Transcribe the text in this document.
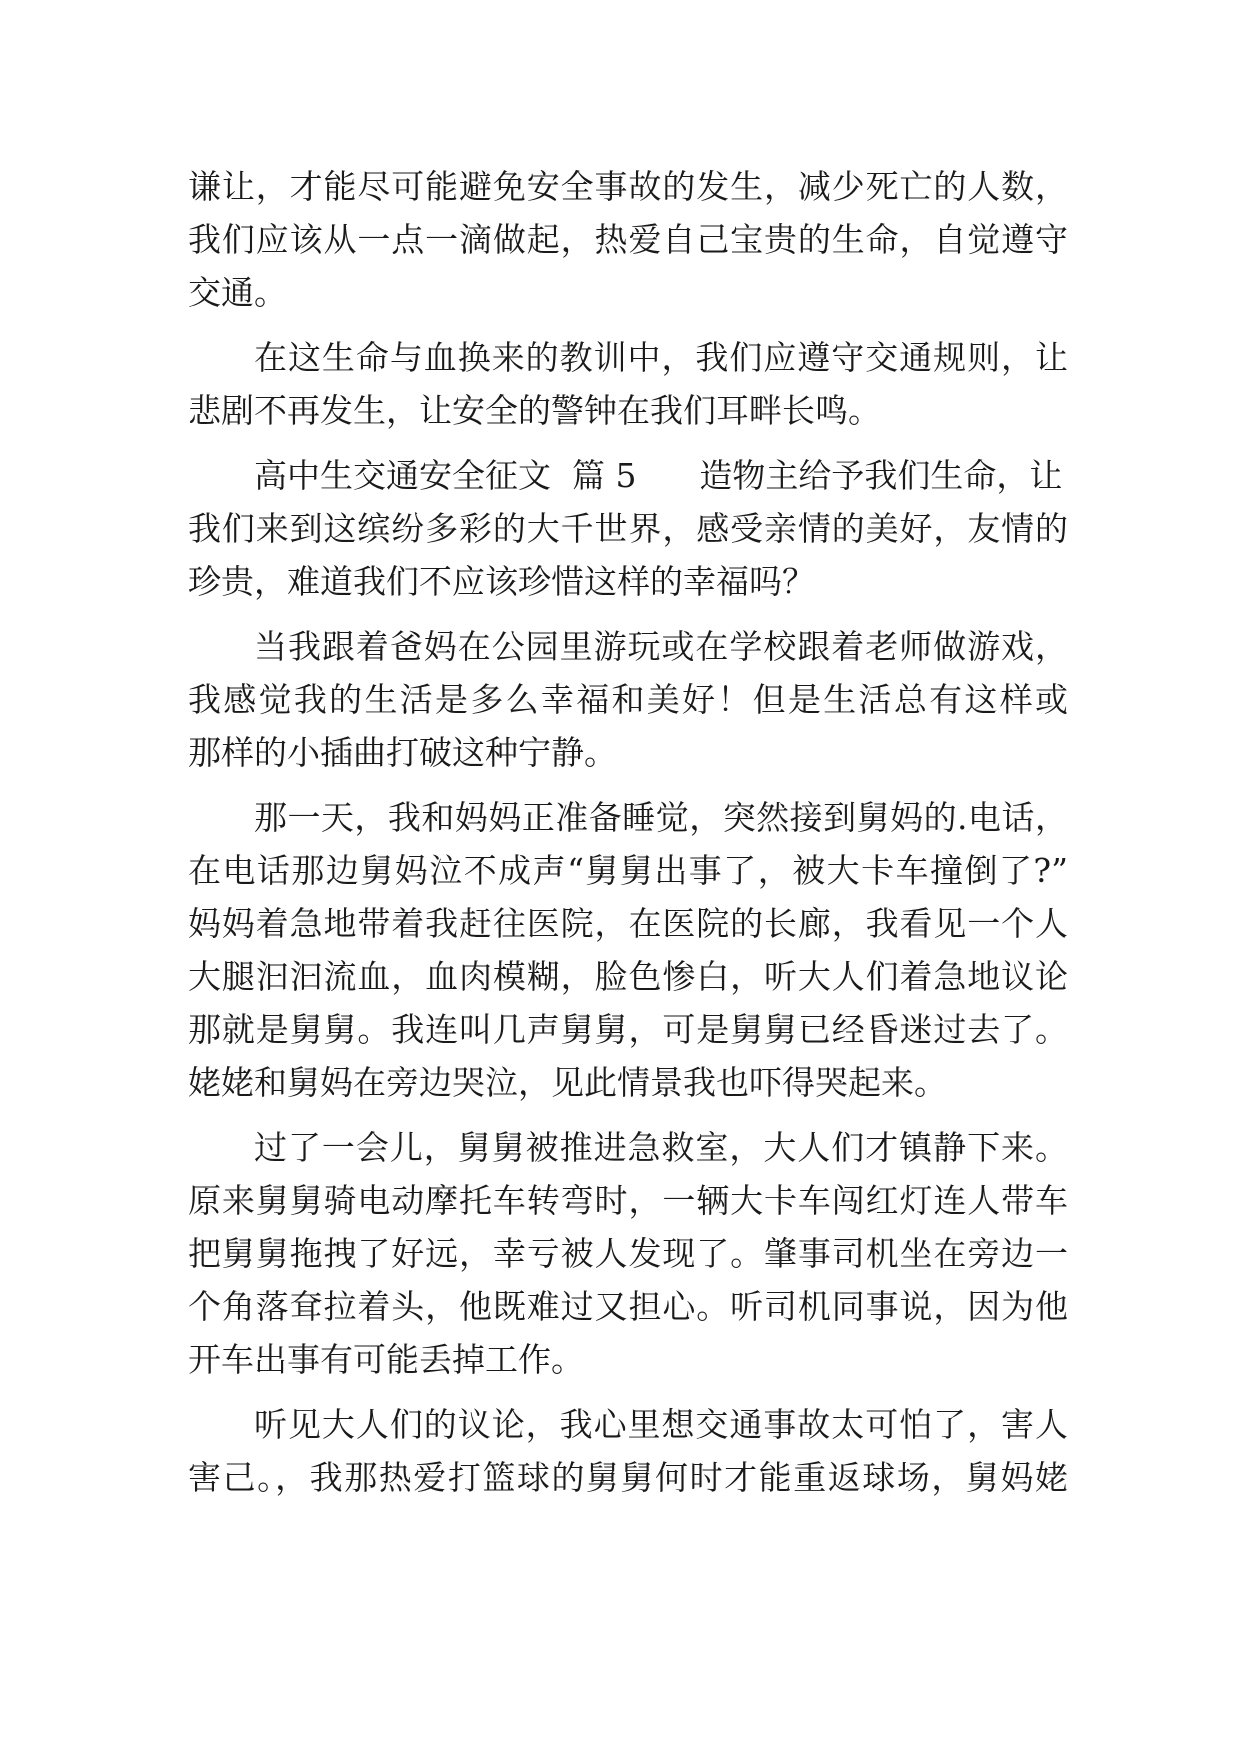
谦让，才能尽可能避免安全事故的发生，减少死亡的人数，
我们应该从一点一滴做起，热爱自己宝贵的生命，自觉遵守
交通。

在这生命与血换来的教训中，我们应遵守交通规则，让
悲剧不再发生，让安全的警钟在我们耳畔长鸣。

高中生交通安全征文  篇 5      造物主给予我们生命，让
我们来到这缤纷多彩的大千世界，感受亲情的美好，友情的
珍贵，难道我们不应该珍惜这样的幸福吗？

当我跟着爸妈在公园里游玩或在学校跟着老师做游戏，
我感觉我的生活是多么幸福和美好！但是生活总有这样或
那样的小插曲打破这种宁静。

那一天，我和妈妈正准备睡觉，突然接到舅妈的.电话，
在电话那边舅妈泣不成声“舅舅出事了，被大卡车撞倒了?”
妈妈着急地带着我赶往医院，在医院的长廊，我看见一个人
大腿汩汩流血，血肉模糊，脸色惨白，听大人们着急地议论
那就是舅舅。我连叫几声舅舅，可是舅舅已经昏迷过去了。
姥姥和舅妈在旁边哭泣，见此情景我也吓得哭起来。

过了一会儿，舅舅被推进急救室，大人们才镇静下来。
原来舅舅骑电动摩托车转弯时，一辆大卡车闯红灯连人带车
把舅舅拖拽了好远，幸亏被人发现了。肇事司机坐在旁边一
个角落耷拉着头，他既难过又担心。听司机同事说，因为他
开车出事有可能丢掉工作。

听见大人们的议论，我心里想交通事故太可怕了，害人
害己。，我那热爱打篮球的舅舅何时才能重返球场，舅妈姥
